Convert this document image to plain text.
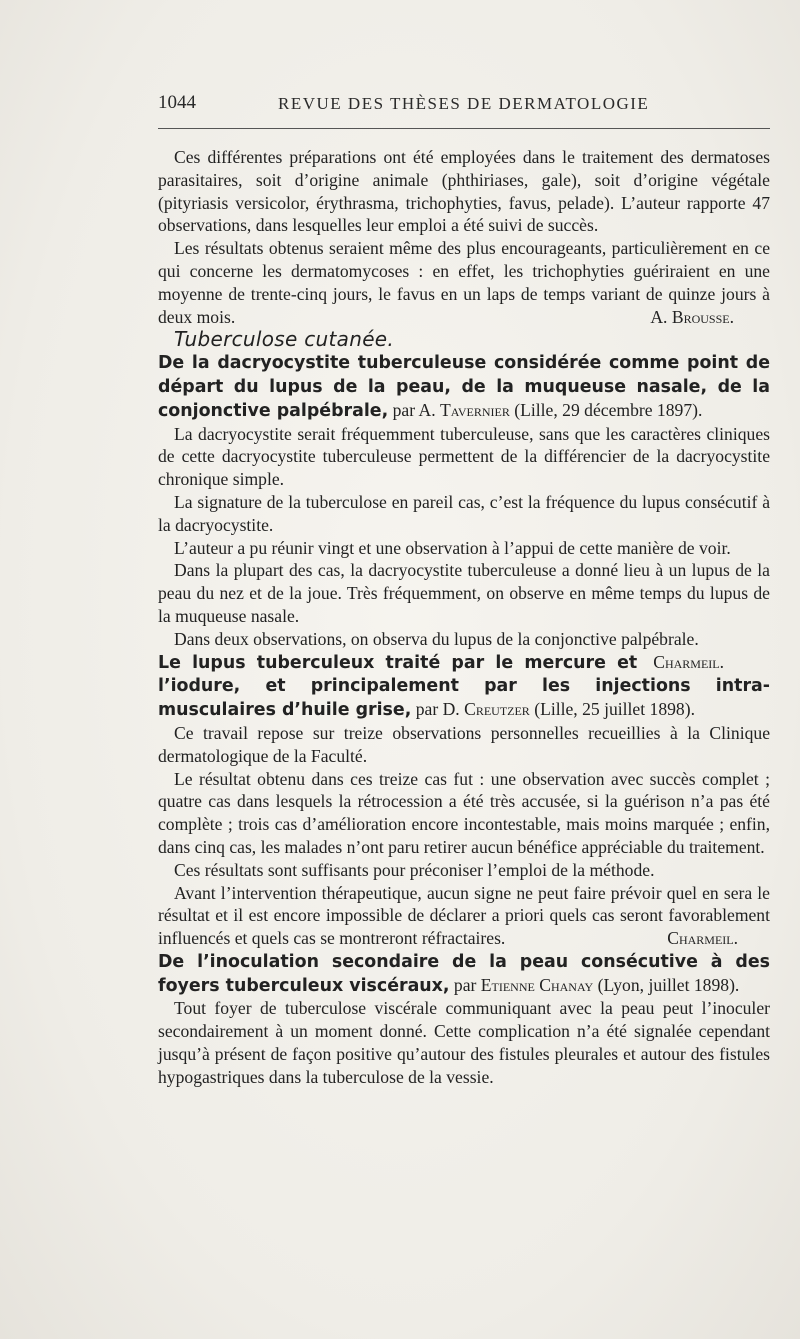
1044	REVUE DES THÈSES DE DERMATOLOGIE

Ces différentes préparations ont été employées dans le traitement des dermatoses parasitaires, soit d’origine animale (phthiriases, gale), soit d’origine végétale (pityriasis versicolor, érythrasma, trichophyties, favus, pelade). L’auteur rapporte 47 observations, dans lesquelles leur emploi a été suivi de succès.

Les résultats obtenus seraient même des plus encourageants, particulièrement en ce qui concerne les dermatomycoses : en effet, les trichophyties guériraient en une moyenne de trente-cinq jours, le favus en un laps de temps variant de quinze jours à deux mois.	A. Brousse.

Tuberculose cutanée.

De la dacryocystite tuberculeuse considérée comme point de départ du lupus de la peau, de la muqueuse nasale, de la conjonctive palpébrale, par A. Tavernier (Lille, 29 décembre 1897).

La dacryocystite serait fréquemment tuberculeuse, sans que les caractères cliniques de cette dacryocystite tuberculeuse permettent de la différencier de la dacryocystite chronique simple.

La signature de la tuberculose en pareil cas, c’est la fréquence du lupus consécutif à la dacryocystite.

L’auteur a pu réunir vingt et une observation à l’appui de cette manière de voir.

Dans la plupart des cas, la dacryocystite tuberculeuse a donné lieu à un lupus de la peau du nez et de la joue. Très fréquemment, on observe en même temps du lupus de la muqueuse nasale.

Dans deux observations, on observa du lupus de la conjonctive palpébrale.
Charmeil.

Le lupus tuberculeux traité par le mercure et l’iodure, et principalement par les injections intra-musculaires d’huile grise, par D. Creutzer (Lille, 25 juillet 1898).

Ce travail repose sur treize observations personnelles recueillies à la Clinique dermatologique de la Faculté.

Le résultat obtenu dans ces treize cas fut : une observation avec succès complet ; quatre cas dans lesquels la rétrocession a été très accusée, si la guérison n’a pas été complète ; trois cas d’amélioration encore incontestable, mais moins marquée ; enfin, dans cinq cas, les malades n’ont paru retirer aucun bénéfice appréciable du traitement.

Ces résultats sont suffisants pour préconiser l’emploi de la méthode.

Avant l’intervention thérapeutique, aucun signe ne peut faire prévoir quel en sera le résultat et il est encore impossible de déclarer a priori quels cas seront favorablement influencés et quels cas se montreront réfractaires.	Charmeil.

De l’inoculation secondaire de la peau consécutive à des foyers tuberculeux viscéraux, par Etienne Chanay (Lyon, juillet 1898).

Tout foyer de tuberculose viscérale communiquant avec la peau peut l’inoculer secondairement à un moment donné. Cette complication n’a été signalée cependant jusqu’à présent de façon positive qu’autour des fistules pleurales et autour des fistules hypogastriques dans la tuberculose de la vessie.
